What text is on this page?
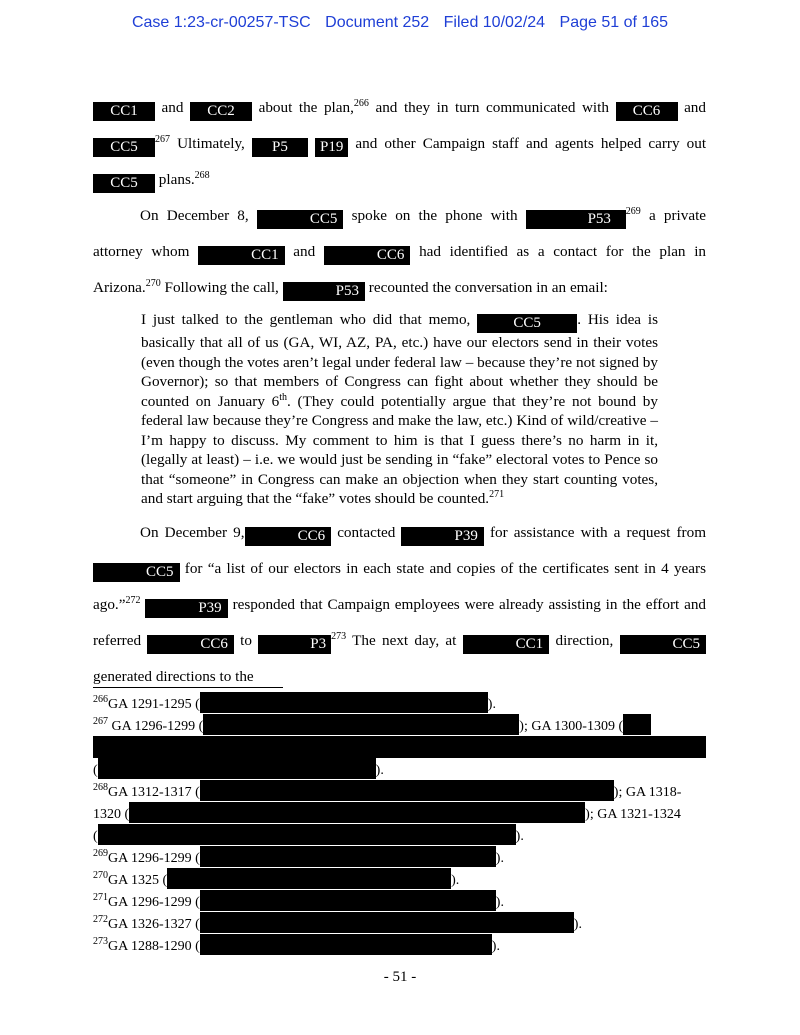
Case 1:23-cr-00257-TSC Document 252 Filed 10/02/24 Page 51 of 165

CC1 and CC2 about the plan,$^{266}$ and they in turn communicated with CC6 and CC5 $^{267}$ Ultimately, P5 P19 and other Campaign staff and agents helped carry out CC5 plans.$^{268}$

On December 8,	CC5 spoke on the phone with	P53 $^{269}$ a private attorney whom	CC1 and	CC6 had identified as a contact for the plan in Arizona.$^{270}$ Following the call,	P53 recounted the conversation in an email:

I just talked to the gentleman who did that memo,	CC5 . His idea is basically that all of us (GA, WI, AZ, PA, etc.) have our electors send in their votes (even though the votes aren’t legal under federal law – because they’re not signed by Governor); so that members of Congress can fight about whether they should be counted on January 6th. (They could potentially argue that they’re not bound by federal law because they’re Congress and make the law, etc.) Kind of wild/creative – I’m happy to discuss. My comment to him is that I guess there’s no harm in it, (legally at least) – i.e. we would just be sending in “fake” electoral votes to Pence so that “someone” in Congress can make an objection when they start counting votes, and start arguing that the “fake” votes should be counted.$^{271}$

On December 9,	CC6 contacted	P39 for assistance with a request fromCC5 for “a list of our electors in each state and copies of the certificates sent in 4 years ago.”$^{272}$	P39 responded that Campaign employees were already assisting in the effort and referred	CC6 to	P3 $^{273}$ The next day, at	CC1 direction,	CC5 generated directions to the

$^{266}$GA 1291-1295 (	).

$^{267}$ GA 1296-1299 (	); GA 1300-1309 (

(	).

$^{268}$GA 1312-1317 (	); GA 1318-1320 (	); GA 1321-1324

(	).

$^{269}$GA 1296-1299 (	).

$^{270}$GA 1325 (	).

$^{271}$GA 1296-1299 (	).

$^{272}$GA 1326-1327 (	).

$^{273}$GA 1288-1290 (	).

- 51 -
